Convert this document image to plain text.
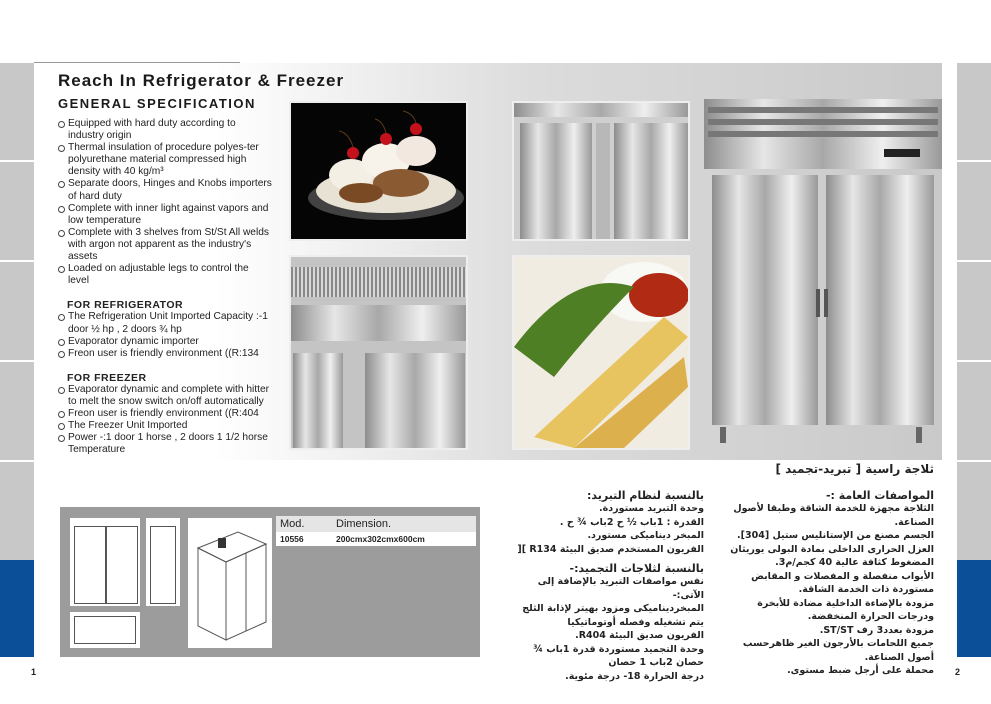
Reach In Refrigerator & Freezer
GENERAL SPECIFICATION
Equipped with hard duty according to industry origin
Thermal insulation of procedure polyes-ter polyurethane material compressed high density with 40 kg/m³
Separate doors, Hinges and Knobs importers of hard duty
Complete with inner light against vapors and low temperature
Complete with 3 shelves from St/St All welds with argon not apparent as the industry's assets
Loaded on adjustable legs to control the level
FOR REFRIGERATOR
The Refrigeration Unit Imported Capacity :-1 door ½ hp , 2 doors ¾ hp
Evaporator dynamic importer
Freon user is friendly environment ((R:134
FOR FREEZER
Evaporator dynamic and complete with hitter to melt the snow switch on/off automatically
Freon user is friendly environment ((R:404
The Freezer Unit Imported
Power -:1 door 1 horse , 2 doors 1 1/2 horse Temperature
Mod.	Dimension.
10556	200cmx302cmx600cm
ثلاجة راسية [ تبريد-تجميد ]
المواصفات العامة :-
الثلاجة مجهزة للخدمة الشاقة وطبقا لأصول الصناعة.
الجسم مصنع من الإستانليس ستيل [304].
العزل الحرارى الداخلى بمادة البولى يوريثان المضغوط كثافة عالية 40 كجم/م3.
الأبواب منفصلة و المفصلات و المقابض مستوردة ذات الخدمة الشاقة.
مزودة بالإضاءة الداخلية مضادة للأبخرة ودرجات الحرارة المنخفضة.
مزودة بعدد3 رف ST/ST.
جميع اللحامات بالأرجون الغير ظاهرحسب أصول الصناعة.
محملة على أرجل ضبط مستوى.
بالنسبة لنظام التبريد:
وحدة التبريد مستوردة.
القدرة : 1باب ½ ح 2باب ¾ ح .
المبخر ديناميكى مستورد.
الفريون المستخدم صديق البيئة R134 ][
بالنسبة لثلاجات التجميد:-
نفس مواصفات التبريد بالإضافة إلى الآتى:-
المبخرديناميكى ومزود بهيتر لإذابة الثلج يتم تشغيله وفصله أوتوماتيكيا
الفريون صديق البيئة R404.
وحدة التجميد مستوردة قدرة 1باب ¾ حصان 2باب 1 حصان
درجة الحرارة 18- درجة مئوية.
1	2
